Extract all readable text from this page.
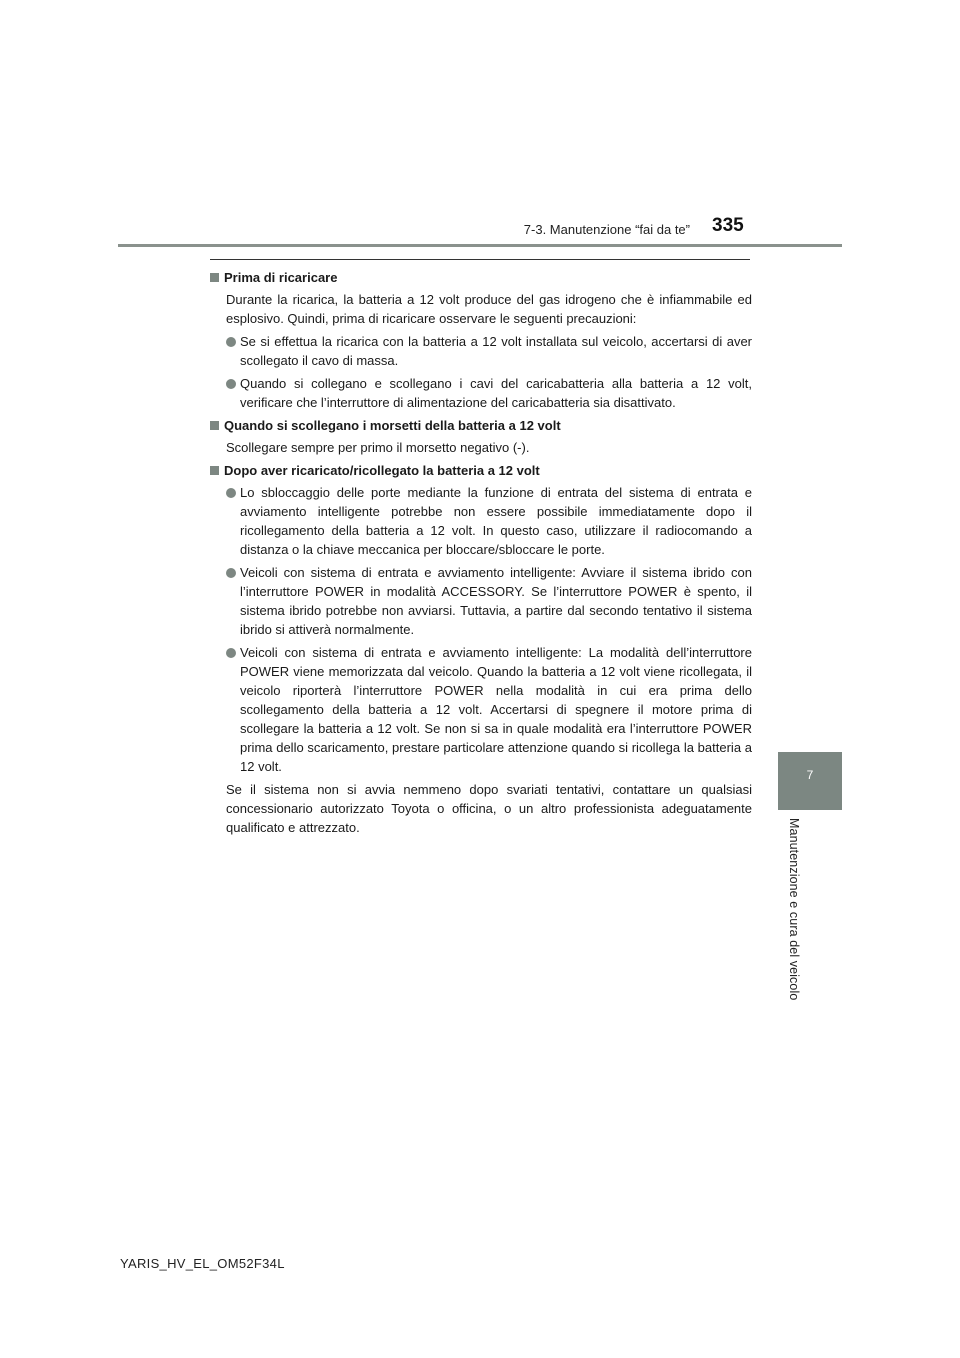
7-3. Manutenzione “fai da te” 335
7
Manutenzione e cura del veicolo
Prima di ricaricare

Durante la ricarica, la batteria a 12 volt produce del gas idrogeno che è infiammabile ed esplosivo. Quindi, prima di ricaricare osservare le seguenti precauzioni:

Se si effettua la ricarica con la batteria a 12 volt installata sul veicolo, accertarsi di aver scollegato il cavo di massa.
Quando si collegano e scollegano i cavi del caricabatteria alla batteria a 12 volt, verificare che l’interruttore di alimentazione del caricabatteria sia disattivato.
Quando si scollegano i morsetti della batteria a 12 volt

Scollegare sempre per primo il morsetto negativo (-).

Dopo aver ricaricato/ricollegato la batteria a 12 volt
Lo sbloccaggio delle porte mediante la funzione di entrata del sistema di entrata e avviamento intelligente potrebbe non essere possibile immediatamente dopo il ricollegamento della batteria a 12 volt. In questo caso, utilizzare il radiocomando a distanza o la chiave meccanica per bloccare/sbloccare le porte.
Veicoli con sistema di entrata e avviamento intelligente: Avviare il sistema ibrido con l’interruttore POWER in modalità ACCESSORY. Se l’interruttore POWER è spento, il sistema ibrido potrebbe non avviarsi. Tuttavia, a partire dal secondo tentativo il sistema ibrido si attiverà normalmente.
Veicoli con sistema di entrata e avviamento intelligente: La modalità dell’interruttore POWER viene memorizzata dal veicolo. Quando la batteria a 12 volt viene ricollegata, il veicolo riporterà l’interruttore POWER nella modalità in cui era prima dello scollegamento della batteria a 12 volt. Accertarsi di spegnere il motore prima di scollegare la batteria a 12 volt. Se non si sa in quale modalità era l’interruttore POWER prima dello scaricamento, prestare particolare attenzione quando si ricollega la batteria a 12 volt.

Se il sistema non si avvia nemmeno dopo svariati tentativi, contattare un qualsiasi concessionario autorizzato Toyota o officina, o un altro professionista adeguatamente qualificato e attrezzato.

YARIS_HV_EL_OM52F34L
